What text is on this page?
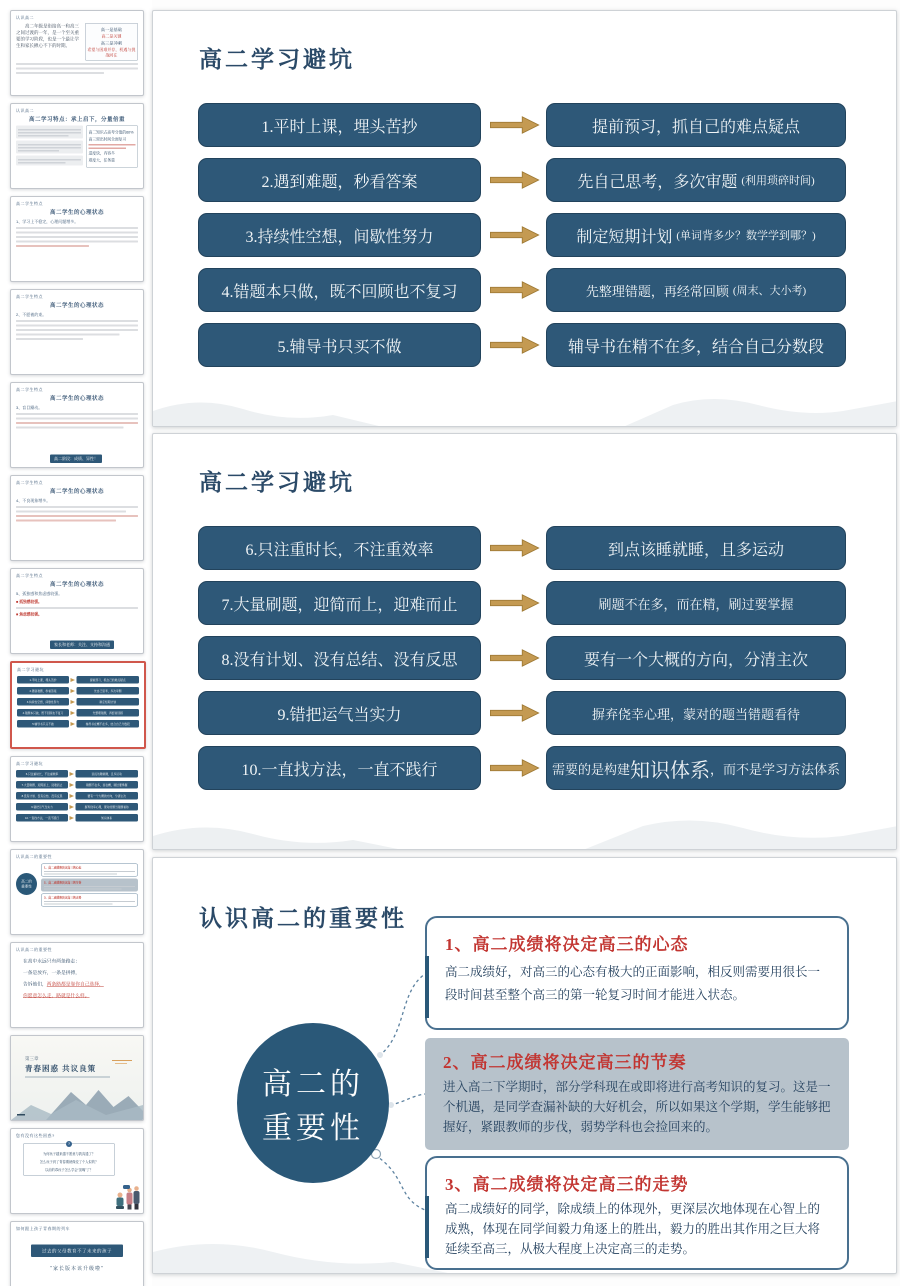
认识高二
高二年级是衔接高一和高三之间过渡的一年，是一个至关重要的学习阶段，也是一个最让学生和家长揪心不下的时期。
高一是基础
高二是关键
高三是冲刺
希望与困难并存，机遇与挑战同在
认识高二
高二学习特点：承上启下，分量倍重
高二知识占高考分值的60%
高三留出时间全面复习
进度快，内容多
难度大，任务重
高二学生特点
高二学生的心理状态
1、学习上不稳定，心理问题增多。
高二学生特点
高二学生的心理状态
2、不愿被约束。
高二学生特点
高二学生的心理状态
3、盲目躁动。
高二阶段：成绩、异性！
高二学生特点
高二学生的心理状态
4、不良现象增多。
高二学生特点
高二学生的心理状态
5、孤独感和焦虑感较强。
■ 孤独感较强。
■ 焦虑感较强。
家长和老师：关注、支持和沟通
高二学习避坑
1.平时上课，埋头苦抄	提前预习，抓自己的难点疑点
2.遇到难题，秒看答案	先自己思考，多次审题
3.持续性空想，间歇性努力	制定短期计划
4.错题本只做，既不回顾也不复习	先整理错题，再经常回顾
5.辅导书只买不做	辅导书在精不在多，结合自己分数段
高二学习避坑
6.只注重时长，不注重效率	到点该睡就睡，且多运动
7.大量刷题，迎简而上，迎难而止	刷题不在多，而在精，刷过要掌握
8.没有计划、没有总结、没有反思	要有一个大概的方向，分清主次
9.错把运气当实力	摒弃侥幸心理，蒙对的题当错题看待
10.一直找方法，一直不践行	知识体系
认识高二的重要性
高二的
重要性
1、高二成绩将决定高三的心态
2、高二成绩将决定高三的节奏
3、高二成绩将决定高三的走势
认识高二的重要性
在高中永远只有两条路走：
一条是放弃，一条是拼搏，
告诉他们，两条路都是靠你自己选择，
你愿意怎么走，路就是什么样。
第三章
青春困惑 共议良策
您有没有这些困惑?
?
为何孩子越来越不愿意与我沟通了？
怎么孩子到了青春期就像变了个人似的？
以前的乖孩子怎么学会“顶嘴”了？
如何跟上孩子青春期的列车
过去的父母教育不了未来的孩子
“家长版本该升级啦”
高二学习避坑
1.平时上课，埋头苦抄	提前预习，抓自己的难点疑点
2.遇到难题，秒看答案	先自己思考，多次审题 (利用琐碎时间)
3.持续性空想，间歇性努力	制定短期计划 (单词背多少？数学学到哪？)
4.错题本只做，既不回顾也不复习	先整理错题，再经常回顾 (周末、大小考)
5.辅导书只买不做	辅导书在精不在多，结合自己分数段
高二学习避坑
6.只注重时长，不注重效率	到点该睡就睡，且多运动
7.大量刷题，迎简而上，迎难而止	刷题不在多，而在精，刷过要掌握
8.没有计划、没有总结、没有反思	要有一个大概的方向，分清主次
9.错把运气当实力	摒弃侥幸心理，蒙对的题当错题看待
10.一直找方法，一直不践行	需要的是构建 知识体系 ，而不是学习方法体系
认识高二的重要性
高二的
重要性
1、高二成绩将决定高三的心态
高二成绩好，对高三的心态有极大的正面影响，相反则需要用很长一段时间甚至整个高三的第一轮复习时间才能进入状态。
2、高二成绩将决定高三的节奏
进入高二下学期时，部分学科现在或即将进行高考知识的复习。这是一个机遇，是同学查漏补缺的大好机会，所以如果这个学期，学生能够把握好，紧跟教师的步伐，弱势学科也会捡回来的。
3、高二成绩将决定高三的走势
高二成绩好的同学，除成绩上的体现外，更深层次地体现在心智上的成熟，体现在同学间毅力角逐上的胜出，毅力的胜出其作用之巨大将延续至高三，从极大程度上决定高三的走势。
